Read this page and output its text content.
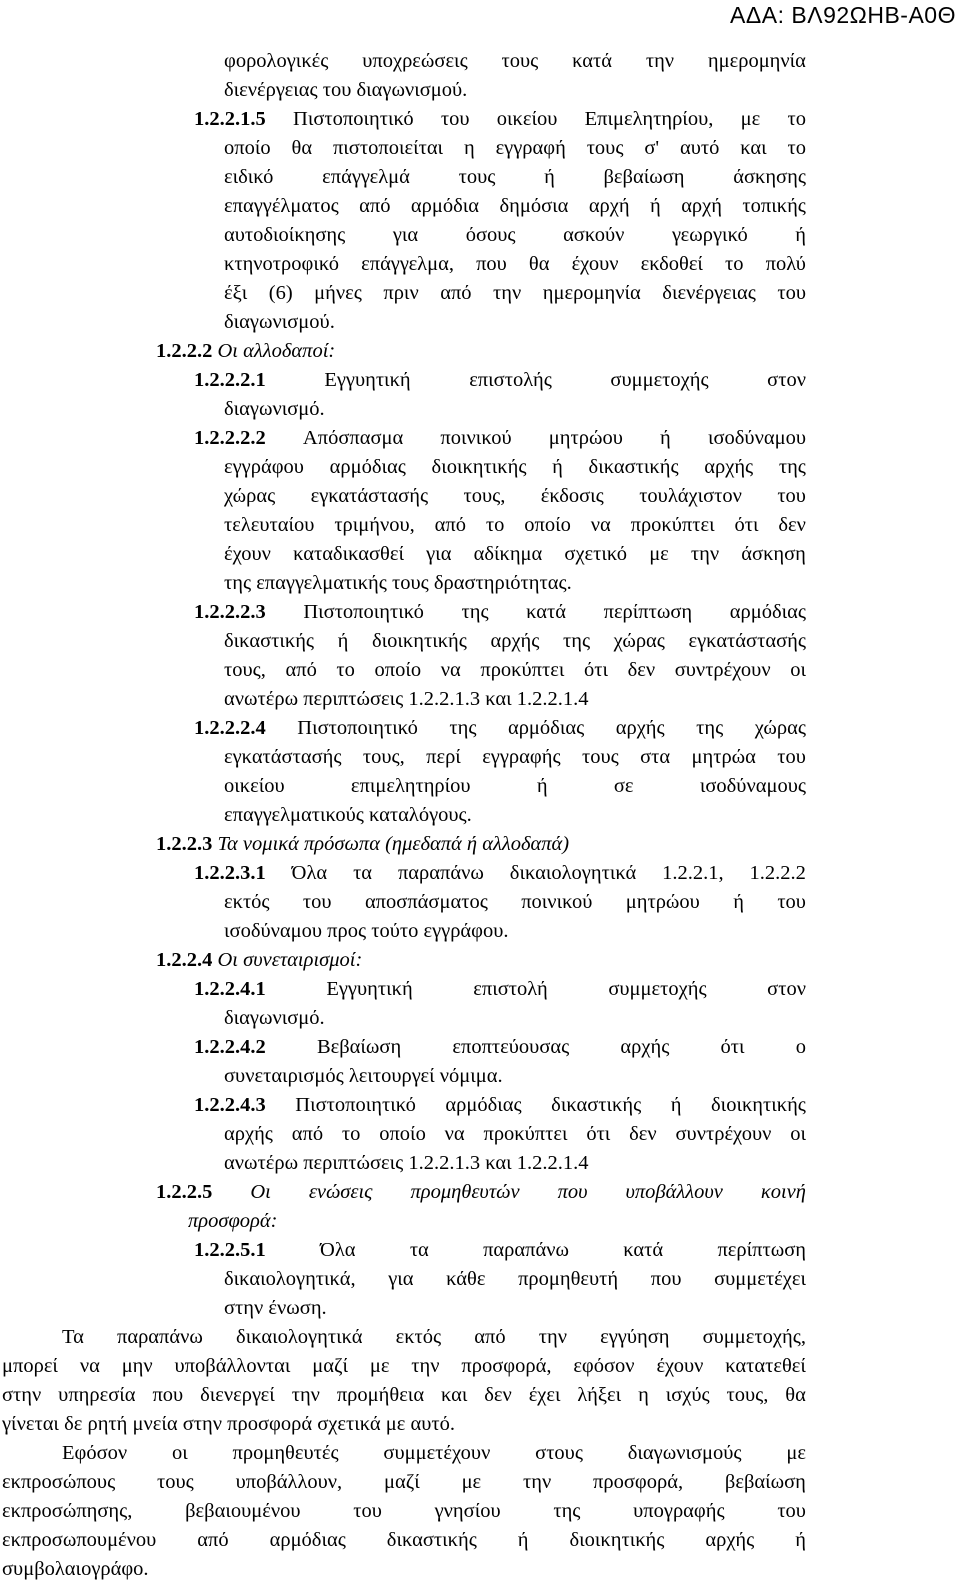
ΑΔΑ: ΒΛ92ΩΗΒ-Α0Θ
φορολογικές υποχρεώσεις τους κατά την ημερομηνία
διενέργειας του διαγωνισμού.
1.2.2.1.5 Πιστοποιητικό του οικείου Επιμελητηρίου, με το
οποίο θα πιστοποιείται η εγγραφή τους σ' αυτό και το
ειδικό επάγγελμά τους ή βεβαίωση άσκησης
επαγγέλματος από αρμόδια δημόσια αρχή ή αρχή τοπικής
αυτοδιοίκησης για όσους ασκούν γεωργικό ή
κτηνοτροφικό επάγγελμα, που θα έχουν εκδοθεί το πολύ
έξι (6) μήνες πριν από την ημερομηνία διενέργειας του
διαγωνισμού.
1.2.2.2 Οι αλλοδαποί:
1.2.2.2.1	Εγγυητική	επιστολής	συμμετοχής	στον
διαγωνισμό.
1.2.2.2.2 Απόσπασμα ποινικού μητρώου ή ισοδύναμου
εγγράφου αρμόδιας διοικητικής ή δικαστικής αρχής της
χώρας εγκατάστασής τους, έκδοσις τουλάχιστον του
τελευταίου τριμήνου, από το οποίο να προκύπτει ότι δεν
έχουν καταδικασθεί για αδίκημα σχετικό με την άσκηση
της επαγγελματικής τους δραστηριότητας.
1.2.2.2.3 Πιστοποιητικό της κατά περίπτωση αρμόδιας
δικαστικής ή διοικητικής αρχής της χώρας εγκατάστασής
τους, από το οποίο να προκύπτει ότι δεν συντρέχουν οι
ανωτέρω περιπτώσεις 1.2.2.1.3 και 1.2.2.1.4
1.2.2.2.4 Πιστοποιητικό της αρμόδιας αρχής της χώρας
εγκατάστασής τους, περί εγγραφής τους στα μητρώα του
οικείου	επιμελητηρίου	ή	σε	ισοδύναμους
επαγγελματικούς καταλόγους.
1.2.2.3 Τα νομικά πρόσωπα (ημεδαπά ή αλλοδαπά)
1.2.2.3.1 Όλα τα παραπάνω δικαιολογητικά 1.2.2.1, 1.2.2.2
εκτός του αποσπάσματος ποινικού μητρώου ή του
ισοδύναμου προς τούτο εγγράφου.
1.2.2.4 Οι συνεταιρισμοί:
1.2.2.4.1	Εγγυητική	επιστολή	συμμετοχής	στον
διαγωνισμό.
1.2.2.4.2 Βεβαίωση εποπτεύουσας αρχής ότι ο
συνεταιρισμός λειτουργεί νόμιμα.
1.2.2.4.3 Πιστοποιητικό αρμόδιας δικαστικής ή διοικητικής
αρχής από το οποίο να προκύπτει ότι δεν συντρέχουν οι
ανωτέρω περιπτώσεις 1.2.2.1.3 και 1.2.2.1.4
1.2.2.5 Οι ενώσεις προμηθευτών που υποβάλλουν κοινή
προσφορά:
1.2.2.5.1	Όλα	τα	παραπάνω	κατά	περίπτωση
δικαιολογητικά, για κάθε προμηθευτή που συμμετέχει
στην ένωση.
Τα παραπάνω δικαιολογητικά εκτός από την εγγύηση συμμετοχής,
μπορεί να μην υποβάλλονται μαζί με την προσφορά, εφόσον έχουν κατατεθεί
στην υπηρεσία που διενεργεί την προμήθεια και δεν έχει λήξει η ισχύς τους, θα
γίνεται δε ρητή μνεία στην προσφορά σχετικά με αυτό.
Εφόσον οι προμηθευτές συμμετέχουν στους διαγωνισμούς με
εκπροσώπους τους υποβάλλουν, μαζί με την προσφορά, βεβαίωση
εκπροσώπησης,	βεβαιουμένου	του	γνησίου	της	υπογραφής	του
εκπροσωπουμένου από αρμόδιας δικαστικής ή διοικητικής αρχής ή
συμβολαιογράφο.
